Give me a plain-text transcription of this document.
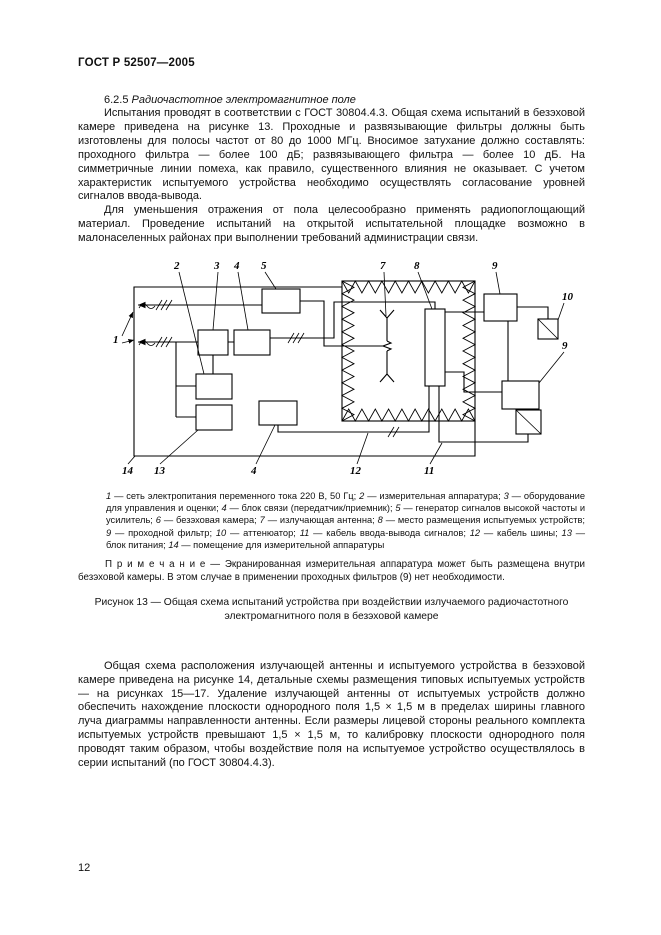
ГОСТ Р 52507—2005

6.2.5 Радиочастотное электромагнитное поле

Испытания проводят в соответствии с ГОСТ 30804.4.3. Общая схема испытаний в безэховой камере приведена на рисунке 13. Проходные и развязывающие фильтры должны быть изготовлены для полосы частот от 80 до 1000 МГц. Вносимое затухание должно составлять: проходного фильтра — более 100 дБ; развязывающего фильтра — более 10 дБ. На симметричные линии помеха, как правило, существенного влияния не оказывает. С учетом характеристик испытуемого устройства необходимо осуществлять согласование уровней сигналов ввода-вывода.

Для уменьшения отражения от пола целесообразно применять радиопоглощающий материал. Проведение испытаний на открытой испытательной площадке возможно в малонаселенных районах при выполнении требований администрации связи.

1
2	3 4 5	7	8	9
10
9
14 13	4	12	11

1 — сеть электропитания переменного тока 220 В, 50 Гц; 2 — измерительная аппаратура; 3 — оборудование для управления и оценки; 4 — блок связи (передатчик/приемник); 5 — генератор сигналов высокой частоты и усилитель; 6 — безэховая камера; 7 — излучающая антенна; 8 — место размещения испытуемых устройств; 9 — проходной фильтр; 10 — аттенюатор; 11 — кабель ввода-вывода сигналов; 12 — кабель шины; 13 — блок питания; 14 — помещение для измерительной аппаратуры

П р и м е ч а н и е — Экранированная измерительная аппаратура может быть размещена внутри безэховой камеры. В этом случае в применении проходных фильтров (9) нет необходимости.

Рисунок 13 — Общая схема испытаний устройства при воздействии излучаемого радиочастотного электромагнитного поля в безэховой камере

Общая схема расположения излучающей антенны и испытуемого устройства в безэховой камере приведена на рисунке 14, детальные схемы размещения типовых испытуемых устройств — на рисунках 15—17. Удаление излучающей антенны от испытуемых устройств должно обеспечить нахождение плоскости однородного поля 1,5 × 1,5 м в пределах ширины главного луча диаграммы направленности антенны. Если размеры лицевой стороны реального комплекта испытуемых устройств превышают 1,5 × 1,5 м, то калибровку плоскости однородного поля проводят таким образом, чтобы воздействие поля на испытуемое устройство осуществлялось в серии испытаний (по ГОСТ 30804.4.3).

12
